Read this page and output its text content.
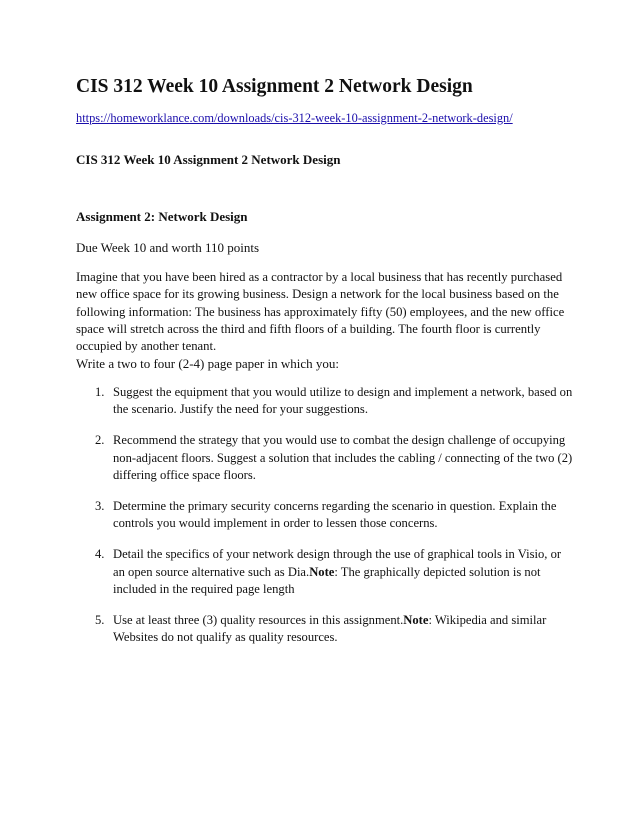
CIS 312 Week 10 Assignment 2 Network Design
https://homeworklance.com/downloads/cis-312-week-10-assignment-2-network-design/
CIS 312 Week 10 Assignment 2 Network Design
Assignment 2: Network Design
Due Week 10 and worth 110 points

Imagine that you have been hired as a contractor by a local business that has recently purchased new office space for its growing business. Design a network for the local business based on the following information: The business has approximately fifty (50) employees, and the new office space will stretch across the third and fifth floors of a building. The fourth floor is currently occupied by another tenant.

Write a two to four (2-4) page paper in which you:
1. Suggest the equipment that you would utilize to design and implement a network, based on the scenario. Justify the need for your suggestions.
2. Recommend the strategy that you would use to combat the design challenge of occupying non-adjacent floors. Suggest a solution that includes the cabling / connecting of the two (2) differing office space floors.
3. Determine the primary security concerns regarding the scenario in question. Explain the controls you would implement in order to lessen those concerns.
4. Detail the specifics of your network design through the use of graphical tools in Visio, or an open source alternative such as Dia.Note: The graphically depicted solution is not included in the required page length
5. Use at least three (3) quality resources in this assignment.Note: Wikipedia and similar Websites do not qualify as quality resources.
